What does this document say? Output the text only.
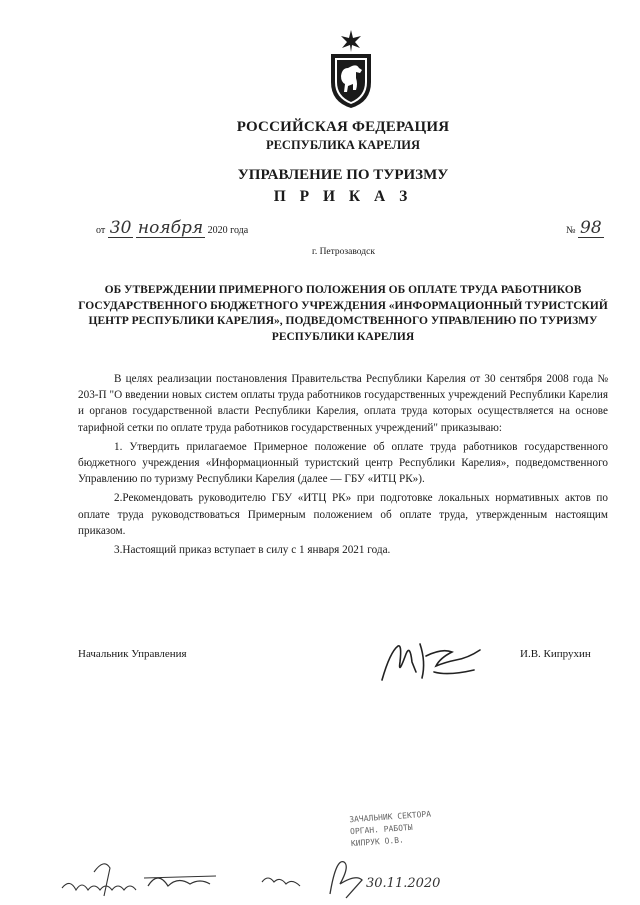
РОССИЙСКАЯ ФЕДЕРАЦИЯ

РЕСПУБЛИКА КАРЕЛИЯ

УПРАВЛЕНИЕ ПО ТУРИЗМУ

П Р И К А З

от 30 ноября 2020 года	№ 98
г. Петрозаводск

ОБ УТВЕРЖДЕНИИ ПРИМЕРНОГО ПОЛОЖЕНИЯ ОБ ОПЛАТЕ ТРУДА РАБОТНИКОВ ГОСУДАРСТВЕННОГО БЮДЖЕТНОГО УЧРЕЖДЕНИЯ «ИНФОРМАЦИОННЫЙ ТУРИСТСКИЙ ЦЕНТР РЕСПУБЛИКИ КАРЕЛИЯ», ПОДВЕДОМСТВЕННОГО УПРАВЛЕНИЮ ПО ТУРИЗМУ РЕСПУБЛИКИ КАРЕЛИЯ

В целях реализации постановления Правительства Республики Карелия от 30 сентября 2008 года № 203-П "О введении новых систем оплаты труда работников государственных учреждений Республики Карелия и органов государственной власти Республики Карелия, оплата труда которых осуществляется на основе тарифной сетки по оплате труда работников государственных учреждений" приказываю:

1. Утвердить прилагаемое Примерное положение об оплате труда работников государственного бюджетного учреждения «Информационный туристский центр Республики Карелия», подведомственного Управлению по туризму Республики Карелия (далее — ГБУ «ИТЦ РК»).

2.Рекомендовать руководителю ГБУ «ИТЦ РК» при подготовке локальных нормативных актов по оплате труда руководствоваться Примерным положением об оплате труда, утвержденным настоящим приказом.

3.Настоящий приказ вступает в силу с 1 января 2021 года.

Начальник Управления	И.В. Кипрухин
ЗАЧАЛЬНИК СЕКТОРА
ОРГАН. РАБОТЫ
КИПРУК О.В.
30.11.2020
